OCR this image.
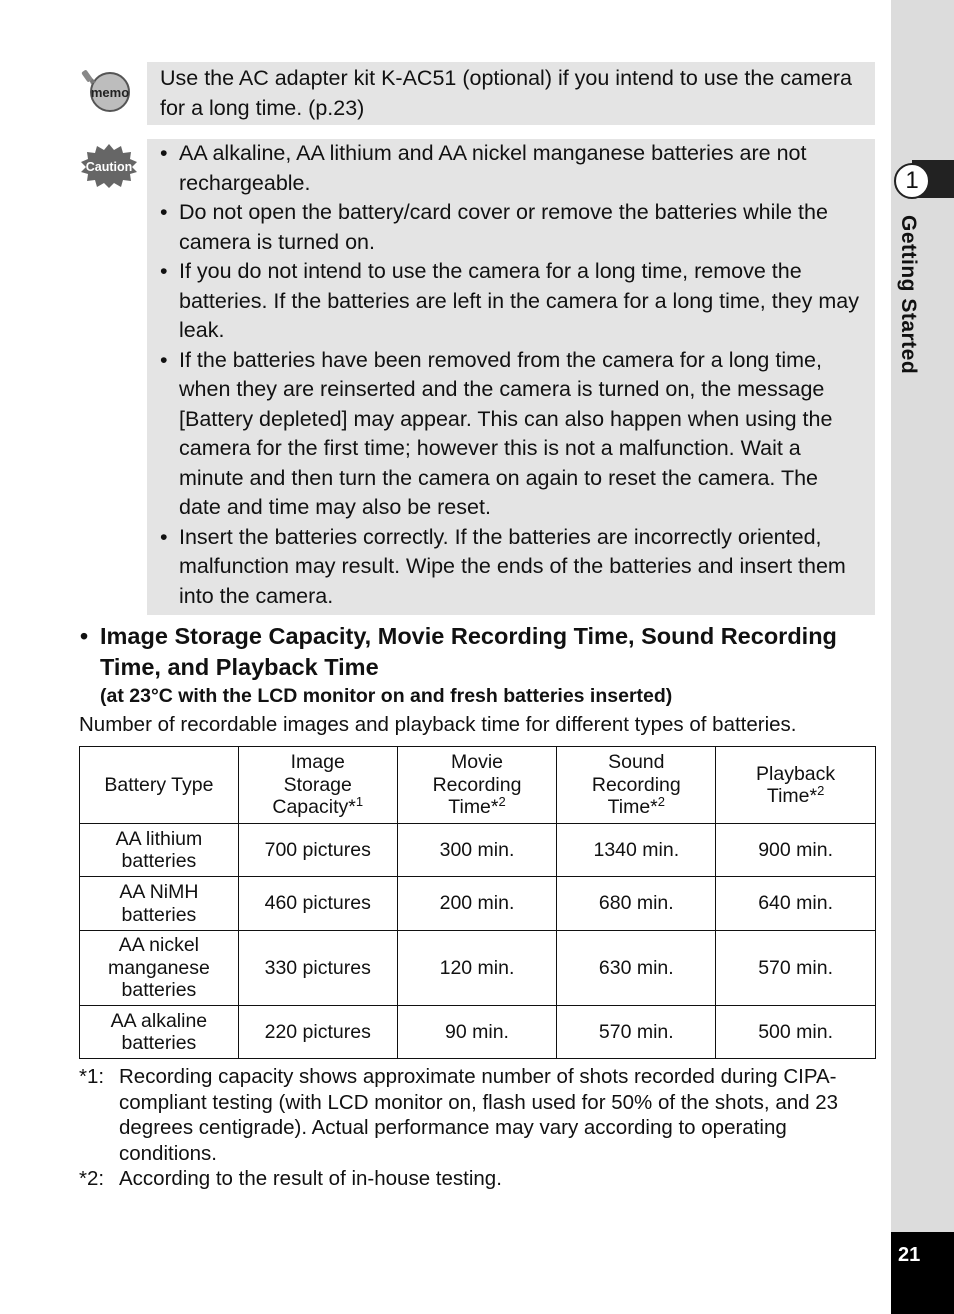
1
Getting Started
21
memo
Use the AC adapter kit K-AC51 (optional) if you intend to use the camera for a long time. (p.23)
Caution
• AA alkaline, AA lithium and AA nickel manganese batteries are not rechargeable.
• Do not open the battery/card cover or remove the batteries while the camera is turned on.
• If you do not intend to use the camera for a long time, remove the batteries. If the batteries are left in the camera for a long time, they may leak.
• If the batteries have been removed from the camera for a long time, when they are reinserted and the camera is turned on, the message [Battery depleted] may appear. This can also happen when using the camera for the first time; however this is not a malfunction. Wait a minute and then turn the camera on again to reset the camera. The date and time may also be reset.
• Insert the batteries correctly. If the batteries are incorrectly oriented, malfunction may result. Wipe the ends of the batteries and insert them into the camera.
• Image Storage Capacity, Movie Recording Time, Sound Recording Time, and Playback Time
(at 23°C with the LCD monitor on and fresh batteries inserted)
Number of recordable images and playback time for different types of batteries.
Battery Type	Image
Storage
Capacity*$^1$	Movie
Recording
Time*$^2$	Sound
Recording
Time*$^2$	Playback
Time*$^2$
AA lithium
batteries	700 pictures	300 min.	1340 min.	900 min.
AA NiMH
batteries	460 pictures	200 min.	680 min.	640 min.
AA nickel
manganese
batteries	330 pictures	120 min.	630 min.	570 min.
AA alkaline
batteries	220 pictures	90 min.	570 min.	500 min.
*1: Recording capacity shows approximate number of shots recorded during CIPA-compliant testing (with LCD monitor on, flash used for 50% of the shots, and 23 degrees centigrade). Actual performance may vary according to operating conditions.
*2: According to the result of in-house testing.
